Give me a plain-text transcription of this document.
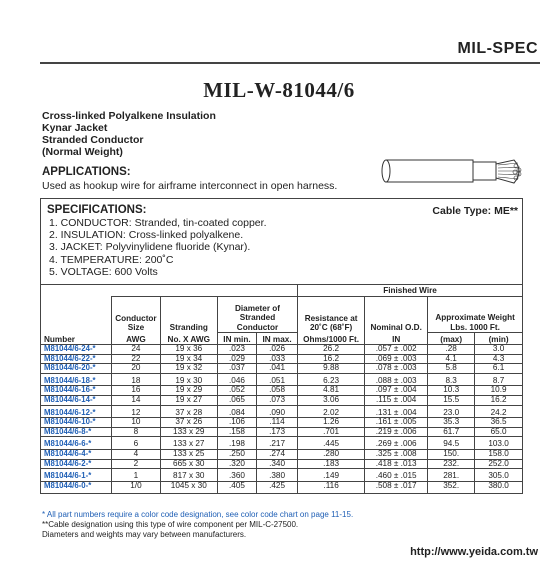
MIL-SPEC
MIL-W-81044/6
Cross-linked Polyalkene Insulation
Kynar Jacket
Stranded Conductor
(Normal Weight)
APPLICATIONS:
Used as hookup wire for airframe interconnect in open harness.
SPECIFICATIONS:	Cable Type: ME**
1. CONDUCTOR: Stranded, tin-coated copper.
2. INSULATION: Cross-linked polyalkene.
3. JACKET: Polyvinylidene fluoride (Kynar).
4. TEMPERATURE: 200˚C
5. VOLTAGE: 600 Volts
					Finished Wire			
	Conductor Size	Stranding	Diameter of Stranded Conductor		Resistance at 20˚C (68˚F)	Nominal O.D.	Approximate Weight Lbs. 1000 Ft.	
Number	AWG	No. X AWG	IN min.	IN max.	Ohms/1000 Ft.	IN	(max)	(min)
M81044/6-24-*	24	19 x 36	.023	.026	26.2	.057 ± .002	.28	3.0
M81044/6-22-*	22	19 x 34	.029	.033	16.2	.069 ± .003	4.1	4.3
M81044/6-20-*	20	19 x 32	.037	.041	9.88	.078 ± .003	5.8	6.1
M81044/6-18-*	18	19 x 30	.046	.051	6.23	.088 ± .003	8.3	8.7
M81044/6-16-*	16	19 x 29	.052	.058	4.81	.097 ± .004	10.3	10.9
M81044/6-14-*	14	19 x 27	.065	.073	3.06	.115 ± .004	15.5	16.2
M81044/6-12-*	12	37 x 28	.084	.090	2.02	.131 ± .004	23.0	24.2
M81044/6-10-*	10	37 x 26	.106	.114	1.26	.161 ± .005	35.3	36.5
M81044/6-8-*	8	133 x 29	.158	.173	.701	.219 ± .006	61.7	65.0
M81044/6-6-*	6	133 x 27	.198	.217	.445	.269 ± .006	94.5	103.0
M81044/6-4-*	4	133 x 25	.250	.274	.280	.325 ± .008	150.	158.0
M81044/6-2-*	2	665 x 30	.320	.340	.183	.418 ± .013	232.	252.0
M81044/6-1-*	1	817 x 30	.360	.380	.149	.460 ± .015	281.	305.0
M81044/6-0-*	1/0	1045 x 30	.405	.425	.116	.508 ± .017	352.	380.0
* All part numbers require a color code designation, see color code chart on page 11-15.
**Cable designation using this type of wire component per MIL-C-27500.
Diameters and weights may vary between manufacturers.
http://www.yeida.com.tw
